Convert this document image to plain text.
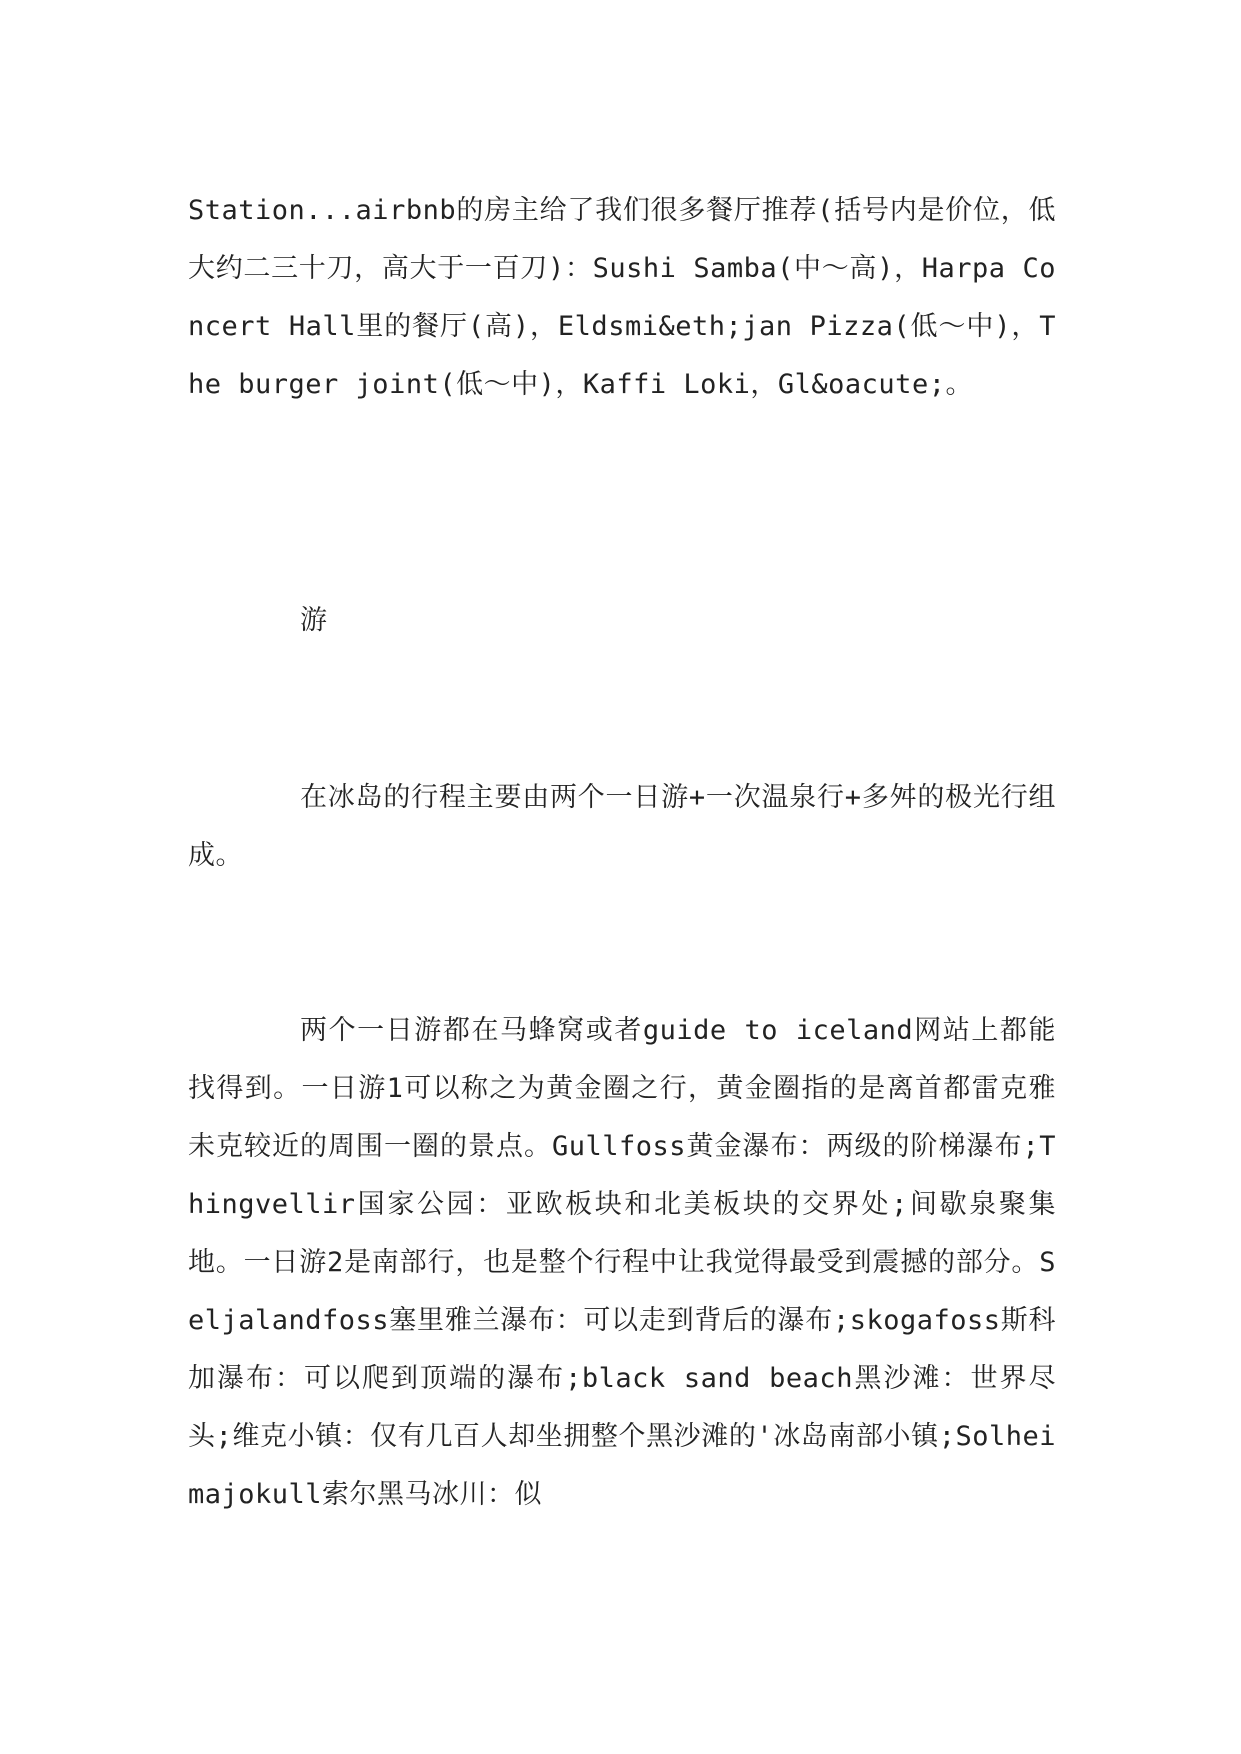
Station...airbnb的房主给了我们很多餐厅推荐(括号内是价位，低大约二三十刀，高大于一百刀)：Sushi Samba(中～高)，Harpa Concert Hall里的餐厅(高)，Eldsmi&eth;jan Pizza(低～中)，The burger joint(低～中)，Kaffi Loki，Gl&oacute;。

游

在冰岛的行程主要由两个一日游+一次温泉行+多舛的极光行组成。

两个一日游都在马蜂窝或者guide to iceland网站上都能找得到。一日游1可以称之为黄金圈之行，黄金圈指的是离首都雷克雅未克较近的周围一圈的景点。Gullfoss黄金瀑布：两级的阶梯瀑布;Thingvellir国家公园：亚欧板块和北美板块的交界处;间歇泉聚集地。一日游2是南部行，也是整个行程中让我觉得最受到震撼的部分。Seljalandfoss塞里雅兰瀑布：可以走到背后的瀑布;skogafoss斯科加瀑布：可以爬到顶端的瀑布;black sand beach黑沙滩：世界尽头;维克小镇：仅有几百人却坐拥整个黑沙滩的'冰岛南部小镇;Solheimajokull索尔黑马冰川：似
